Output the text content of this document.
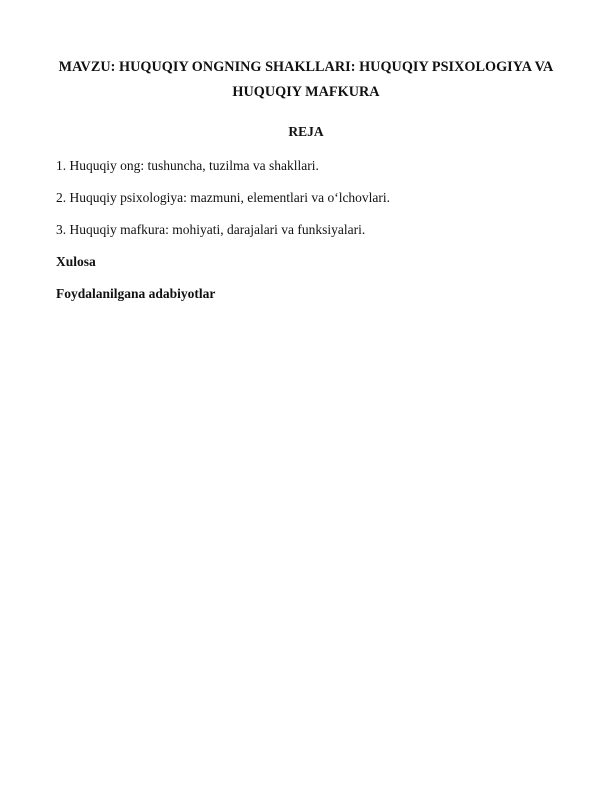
MAVZU: HUQUQIY ONGNING SHAKLLARI: HUQUQIY PSIXOLOGIYA VA HUQUQIY MAFKURA
REJA
1. Huquqiy ong: tushuncha, tuzilma va shakllari.
2. Huquqiy psixologiya: mazmuni, elementlari va oʻlchovlari.
3. Huquqiy mafkura: mohiyati, darajalari va funksiyalari.
Xulosa
Foydalanilgana adabiyotlar
